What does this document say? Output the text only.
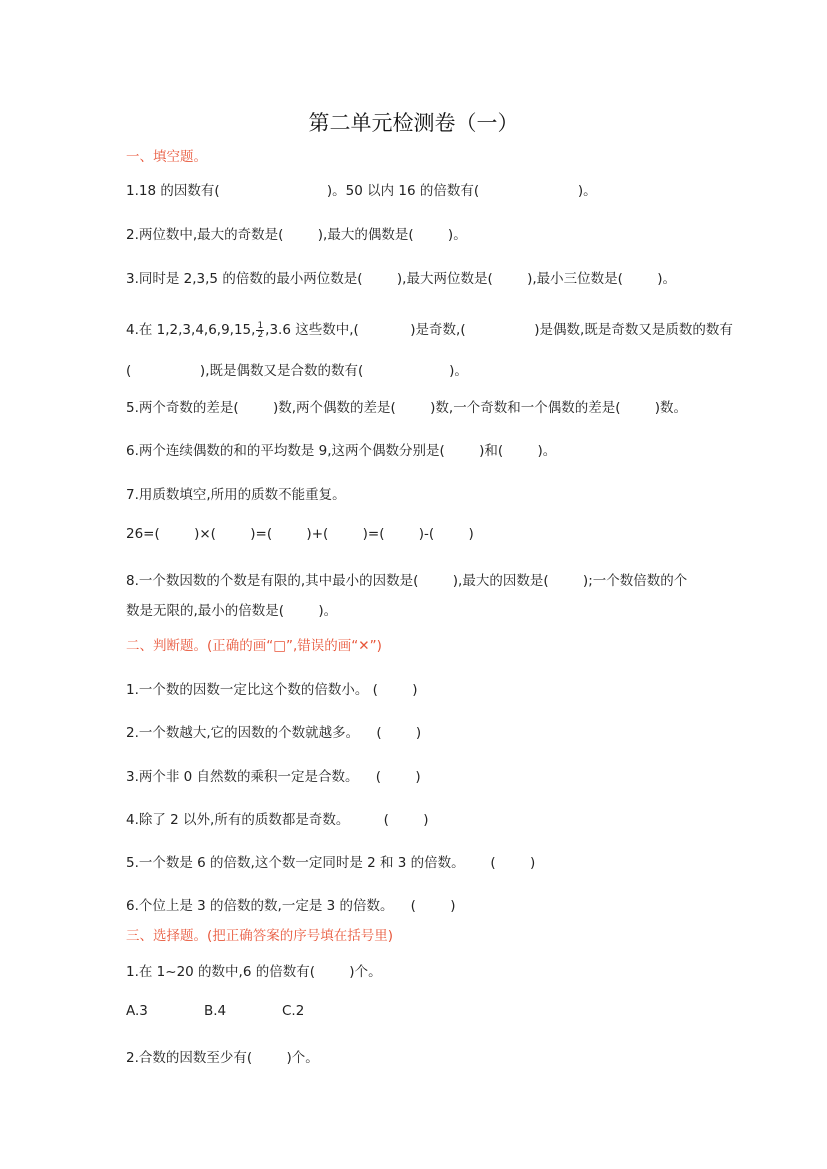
第二单元检测卷（一）
一、填空题。
1.18 的因数有(                         )。50 以内 16 的倍数有(                       )。
2.两位数中,最大的奇数是(        ),最大的偶数是(        )。
3.同时是 2,3,5 的倍数的最小两位数是(        ),最大两位数是(        ),最小三位数是(        )。
4.在 1,2,3,4,6,9,15, $\frac{1}{2} ,3.6$ 这些数中,(            )是奇数,(                )是偶数,既是奇数又是质数的数有
(                ),既是偶数又是合数的数有(                    )。
5.两个奇数的差是(        )数,两个偶数的差是(        )数,一个奇数和一个偶数的差是(        )数。
6.两个连续偶数的和的平均数是 9,这两个偶数分别是(        )和(        )。
7.用质数填空,所用的质数不能重复。
26=(        )×(        )=(        )+(        )=(        )-(        )
8.一个数因数的个数是有限的,其中最小的因数是(        ),最大的因数是(        );一个数倍数的个
数是无限的,最小的倍数是(        )。
二、判断题。(正确的画“□”,错误的画“✕”)
1.一个数的因数一定比这个数的倍数小。 (        )
2.一个数越大,它的因数的个数就越多。    (        )
3.两个非 0 自然数的乘积一定是合数。    (        )
4.除了 2 以外,所有的质数都是奇数。        (        )
5.一个数是 6 的倍数,这个数一定同时是 2 和 3 的倍数。      (        )
6.个位上是 3 的倍数的数,一定是 3 的倍数。    (        )
三、选择题。(把正确答案的序号填在括号里)
1.在 1~20 的数中,6 的倍数有(        )个。
A.3	B.4	C.2
2.合数的因数至少有(        )个。
